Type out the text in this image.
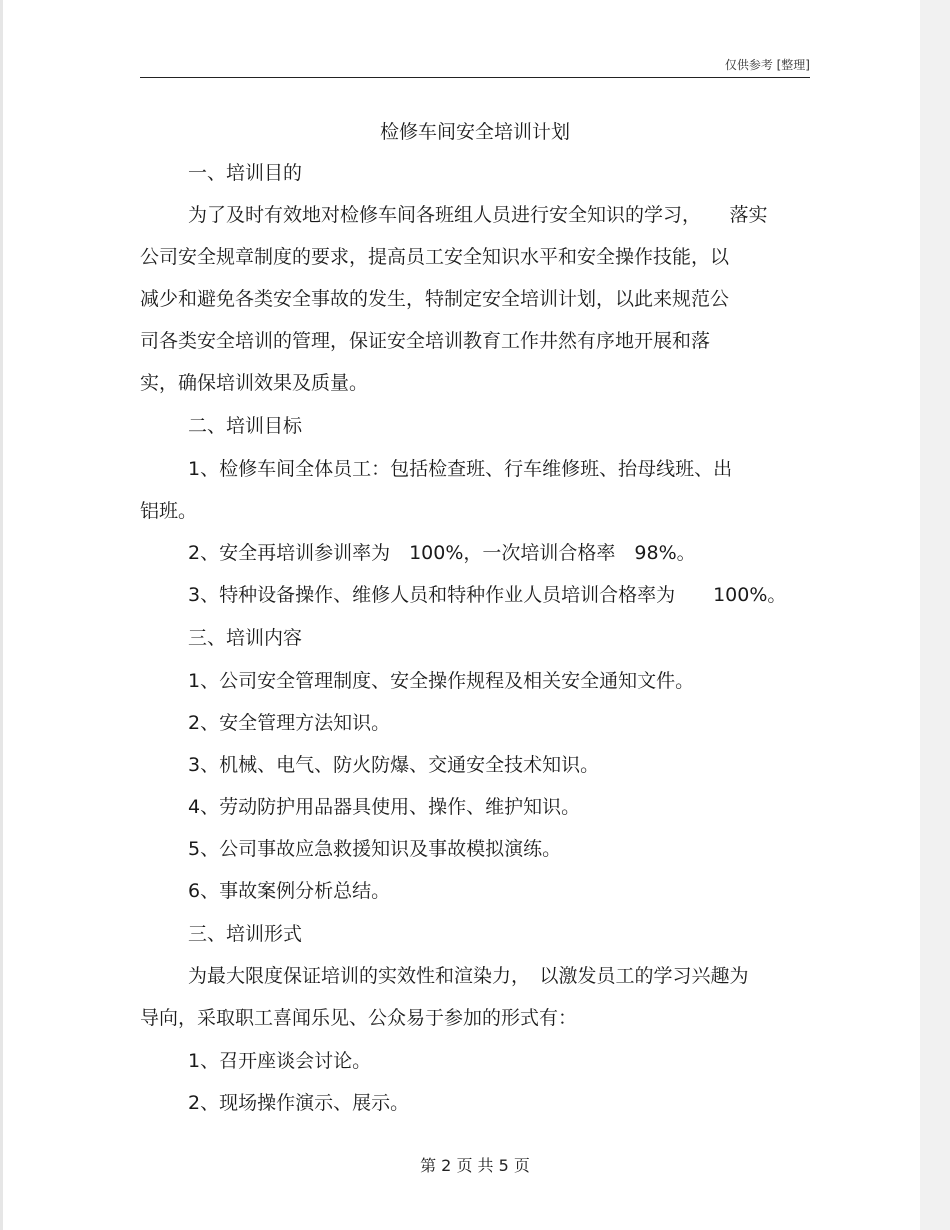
仅供参考 [整理]
检修车间安全培训计划
一、培训目的
为了及时有效地对检修车间各班组人员进行安全知识的学习，　　落实
公司安全规章制度的要求，提高员工安全知识水平和安全操作技能，以
减少和避免各类安全事故的发生，特制定安全培训计划，以此来规范公
司各类安全培训的管理，保证安全培训教育工作井然有序地开展和落
实，确保培训效果及质量。
二、培训目标
1、检修车间全体员工：包括检查班、行车维修班、抬母线班、出
铝班。
2、安全再培训参训率为　100%，一次培训合格率　98%。
3、特种设备操作、维修人员和特种作业人员培训合格率为　　100%。
三、培训内容
1、公司安全管理制度、安全操作规程及相关安全通知文件。
2、安全管理方法知识。
3、机械、电气、防火防爆、交通安全技术知识。
4、劳动防护用品器具使用、操作、维护知识。
5、公司事故应急救援知识及事故模拟演练。
6、事故案例分析总结。
三、培训形式
为最大限度保证培训的实效性和渲染力，　以激发员工的学习兴趣为
导向，采取职工喜闻乐见、公众易于参加的形式有：
1、召开座谈会讨论。
2、现场操作演示、展示。
第 2 页 共 5 页
